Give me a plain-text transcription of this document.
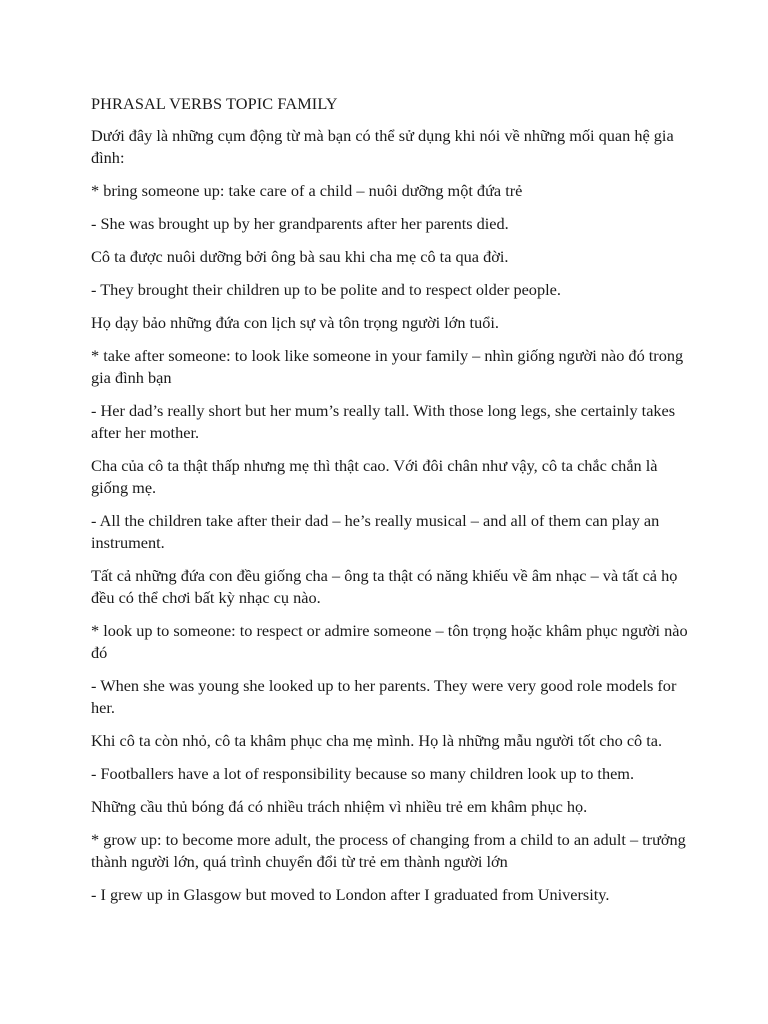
PHRASAL VERBS TOPIC FAMILY

Dưới đây là những cụm động từ mà bạn có thể sử dụng khi nói về những mối quan hệ gia đình:

* bring someone up: take care of a child – nuôi dưỡng một đứa trẻ

- She was brought up by her grandparents after her parents died.

Cô ta được nuôi dưỡng bởi ông bà sau khi cha mẹ cô ta qua đời.

- They brought their children up to be polite and to respect older people.

Họ dạy bảo những đứa con lịch sự và tôn trọng người lớn tuổi.

* take after someone: to look like someone in your family – nhìn giống người nào đó trong gia đình bạn

- Her dad’s really short but her mum’s really tall. With those long legs, she certainly takes after her mother.

Cha của cô ta thật thấp nhưng mẹ thì thật cao. Với đôi chân như vậy, cô ta chắc chắn là giống mẹ.

- All the children take after their dad – he’s really musical – and all of them can play an instrument.

Tất cả những đứa con đều giống cha – ông ta thật có năng khiếu về âm nhạc – và tất cả họ đều có thể chơi bất kỳ nhạc cụ nào.

* look up to someone: to respect or admire someone – tôn trọng hoặc khâm phục người nào đó

- When she was young she looked up to her parents. They were very good role models for her.

Khi cô ta còn nhỏ, cô ta khâm phục cha mẹ mình. Họ là những mẫu người tốt cho cô ta.

- Footballers have a lot of responsibility because so many children look up to them.

Những cầu thủ bóng đá có nhiều trách nhiệm vì nhiều trẻ em khâm phục họ.

* grow up: to become more adult, the process of changing from a child to an adult – trưởng thành người lớn, quá trình chuyển đổi từ trẻ em thành người lớn

- I grew up in Glasgow but moved to London after I graduated from University.
